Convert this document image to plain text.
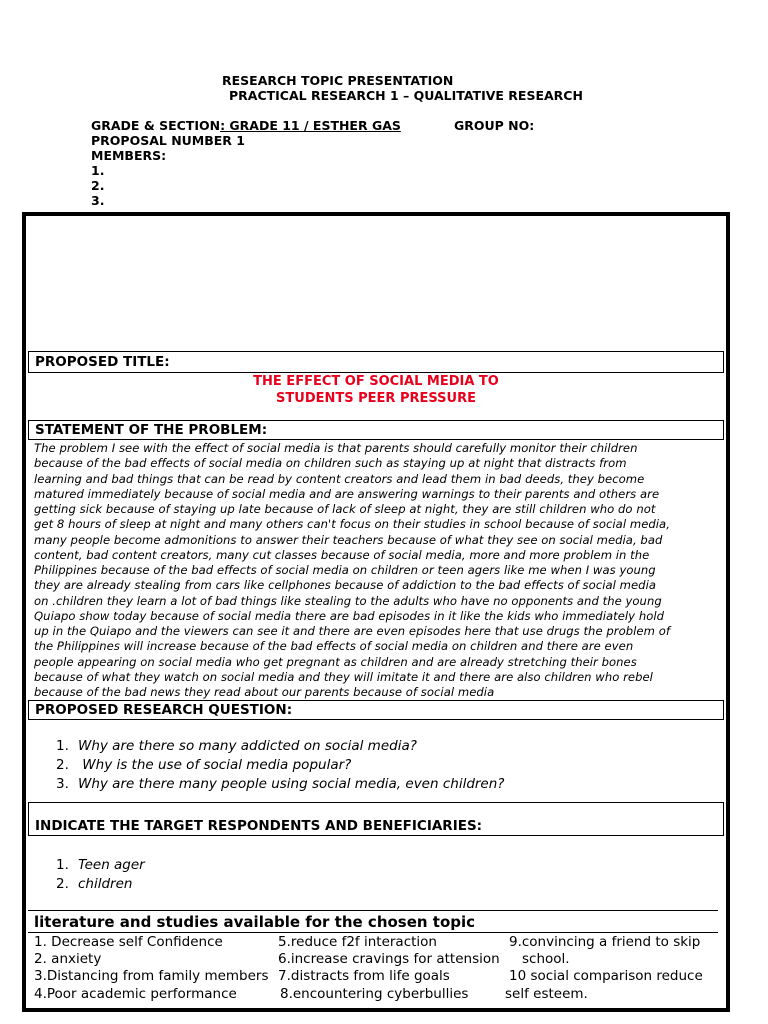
RESEARCH TOPIC PRESENTATION
PRACTICAL RESEARCH 1 – QUALITATIVE RESEARCH
GRADE & SECTION: GRADE 11 / ESTHER GAS	GROUP NO:
PROPOSAL NUMBER 1
MEMBERS:
1.
2.
3.
PROPOSED TITLE:
THE EFFECT OF SOCIAL MEDIA TO
STUDENTS PEER PRESSURE
STATEMENT OF THE PROBLEM:
The problem I see with the effect of social media is that parents should carefully monitor their children
because of the bad effects of social media on children such as staying up at night that distracts from
learning and bad things that can be read by content creators and lead them in bad deeds, they become
matured immediately because of social media and are answering warnings to their parents and others are
getting sick because of staying up late because of lack of sleep at night, they are still children who do not
get 8 hours of sleep at night and many others can't focus on their studies in school because of social media,
many people become admonitions to answer their teachers because of what they see on social media, bad
content, bad content creators, many cut classes because of social media, more and more problem in the
Philippines because of the bad effects of social media on children or teen agers like me when I was young
they are already stealing from cars like cellphones because of addiction to the bad effects of social media
on .children they learn a lot of bad things like stealing to the adults who have no opponents and the young
Quiapo show today because of social media there are bad episodes in it like the kids who immediately hold
up in the Quiapo and the viewers can see it and there are even episodes here that use drugs the problem of
the Philippines will increase because of the bad effects of social media on children and there are even
people appearing on social media who get pregnant as children and are already stretching their bones
because of what they watch on social media and they will imitate it and there are also children who rebel
because of the bad news they read about our parents because of social media
PROPOSED RESEARCH QUESTION:
1. Why are there so many addicted on social media?
2. Why is the use of social media popular?
3. Why are there many people using social media, even children?
INDICATE THE TARGET RESPONDENTS AND BENEFICIARIES:
1. Teen ager
2. children
literature and studies available for the chosen topic
1. Decrease self Confidence
2. anxiety
3.Distancing from family members
4.Poor academic performance
5.reduce f2f interaction
6.increase cravings for attension
7.distracts from life goals
8.encountering cyberbullies
9.convincing a friend to skip
school.
10 social comparison reduce
self esteem.
